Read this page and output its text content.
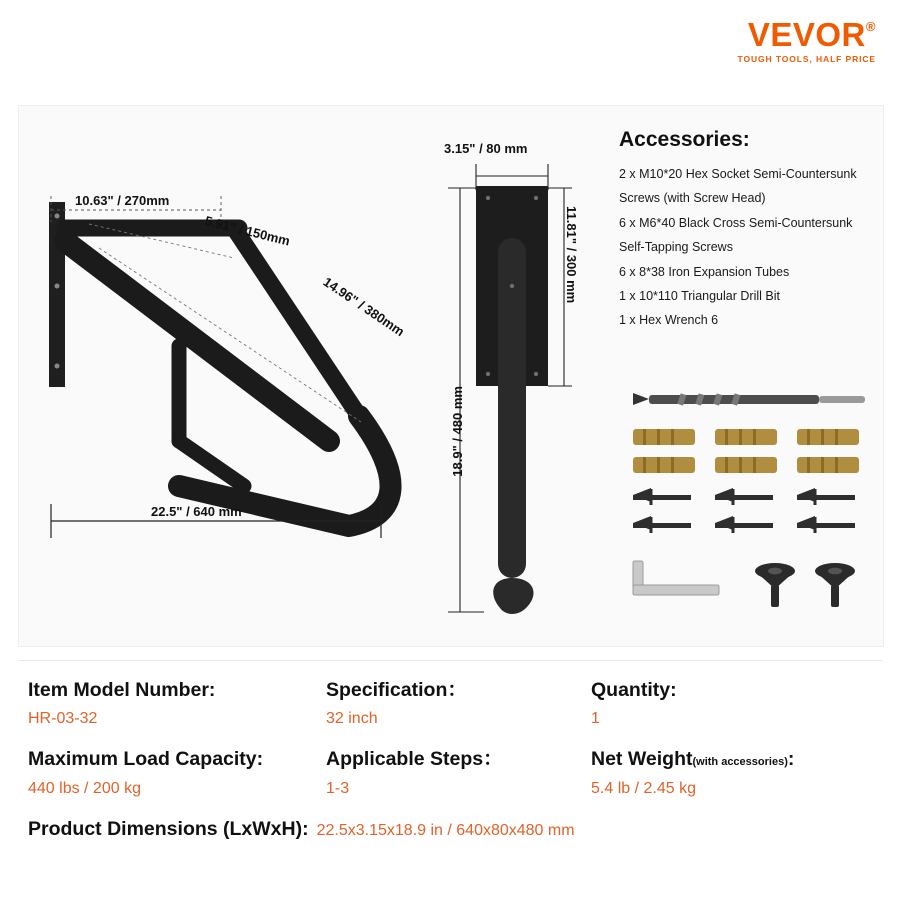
VEVOR®
TOUGH TOOLS, HALF PRICE
10.63" / 270mm
5.91" / 150mm
14.96" / 380mm
22.5" / 640 mm
3.15" / 80 mm
11.81" / 300 mm
18.9" / 480 mm
Accessories:
2 x M10*20 Hex Socket Semi-Countersunk
Screws (with Screw Head)
6 x M6*40 Black Cross Semi-Countersunk
Self-Tapping Screws
6 x 8*38 Iron Expansion Tubes
1 x 10*110 Triangular Drill Bit
1 x Hex Wrench 6
Item Model Number:
HR-03-32
Specification：
32 inch
Quantity:
1
Maximum Load Capacity:
440 lbs / 200 kg
Applicable Steps：
1-3
Net Weight(with accessories):
5.4 lb / 2.45 kg
Product Dimensions (LxWxH): 22.5x3.15x18.9 in / 640x80x480 mm
